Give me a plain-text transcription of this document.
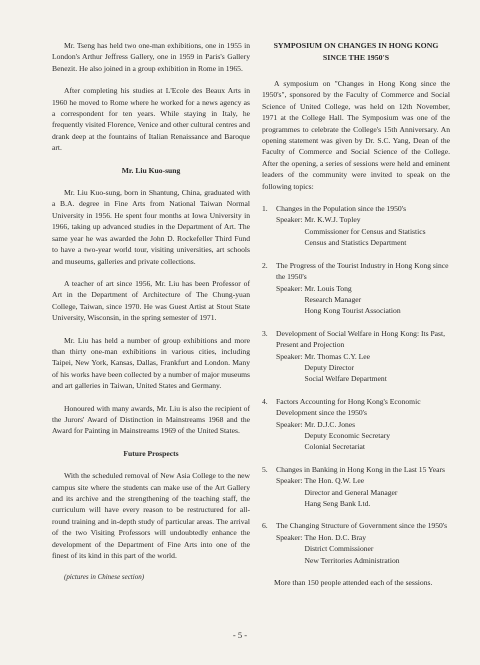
Mr. Tseng has held two one-man exhibitions, one in 1955 in London's Arthur Jeffress Gallery, one in 1959 in Paris's Gallery Benezit. He also joined in a group exhibition in Rome in 1965.

After completing his studies at L'Ecole des Beaux Arts in 1960 he moved to Rome where he worked for a news agency as a correspondent for ten years. While staying in Italy, he frequently visited Florence, Venice and other cultural centres and drank deep at the fountains of Italian Renaissance and Baroque art.

Mr. Liu Kuo-sung

Mr. Liu Kuo-sung, born in Shantung, China, graduated with a B.A. degree in Fine Arts from National Taiwan Normal University in 1956. He spent four months at Iowa University in 1966, taking up advanced studies in the Department of Art. The same year he was awarded the John D. Rockefeller Third Fund to have a two-year world tour, visiting universities, art schools and museums, galleries and private collections.

A teacher of art since 1956, Mr. Liu has been Professor of Art in the Department of Architecture of The Chung-yuan College, Taiwan, since 1970. He was Guest Artist at Stout State University, Wisconsin, in the spring semester of 1971.

Mr. Liu has held a number of group exhibitions and more than thirty one-man exhibitions in various cities, including Taipei, New York, Kansas, Dallas, Frankfurt and London. Many of his works have been collected by a number of major museums and art galleries in Taiwan, United States and Germany.

Honoured with many awards, Mr. Liu is also the recipient of the Jurors' Award of Distinction in Mainstreams 1968 and the Award for Painting in Mainstreams 1969 of the United States.

Future Prospects

With the scheduled removal of New Asia College to the new campus site where the students can make use of the Art Gallery and its archive and the strengthening of the teaching staff, the curriculum will have every reason to be restructured for all-round training and in-depth study of particular areas. The arrival of the two Visiting Professors will undoubtedly enhance the development of the Department of Fine Arts into one of the finest of its kind in this part of the world.

(pictures in Chinese section)

SYMPOSIUM ON CHANGES IN HONG KONG SINCE THE 1950'S

A symposium on "Changes in Hong Kong since the 1950's", sponsored by the Faculty of Commerce and Social Science of United College, was held on 12th November, 1971 at the College Hall. The Symposium was one of the programmes to celebrate the College's 15th Anniversary. An opening statement was given by Dr. S.C. Yang, Dean of the Faculty of Commerce and Social Science of the College. After the opening, a series of sessions were held and eminent leaders of the community were invited to speak on the following topics:

1. Changes in the Population since the 1950's
Speaker:
Mr. K.W.J. Topley
Commissioner for Census and Statistics
Census and Statistics Department
2. The Progress of the Tourist Industry in Hong Kong since the 1950's
Speaker:
Mr. Louis Tong
Research Manager
Hong Kong Tourist Association
3. Development of Social Welfare in Hong Kong: Its Past, Present and Projection
Speaker:
Mr. Thomas C.Y. Lee
Deputy Director
Social Welfare Department
4. Factors Accounting for Hong Kong's Economic Development since the 1950's
Speaker:
Mr. D.J.C. Jones
Deputy Economic Secretary
Colonial Secretariat
5. Changes in Banking in Hong Kong in the Last 15 Years
Speaker:
The Hon. Q.W. Lee
Director and General Manager
Hang Seng Bank Ltd.
6. The Changing Structure of Government since the 1950's
Speaker:
The Hon. D.C. Bray
District Commissioner
New Territories Administration

More than 150 people attended each of the sessions.

- 5 -
